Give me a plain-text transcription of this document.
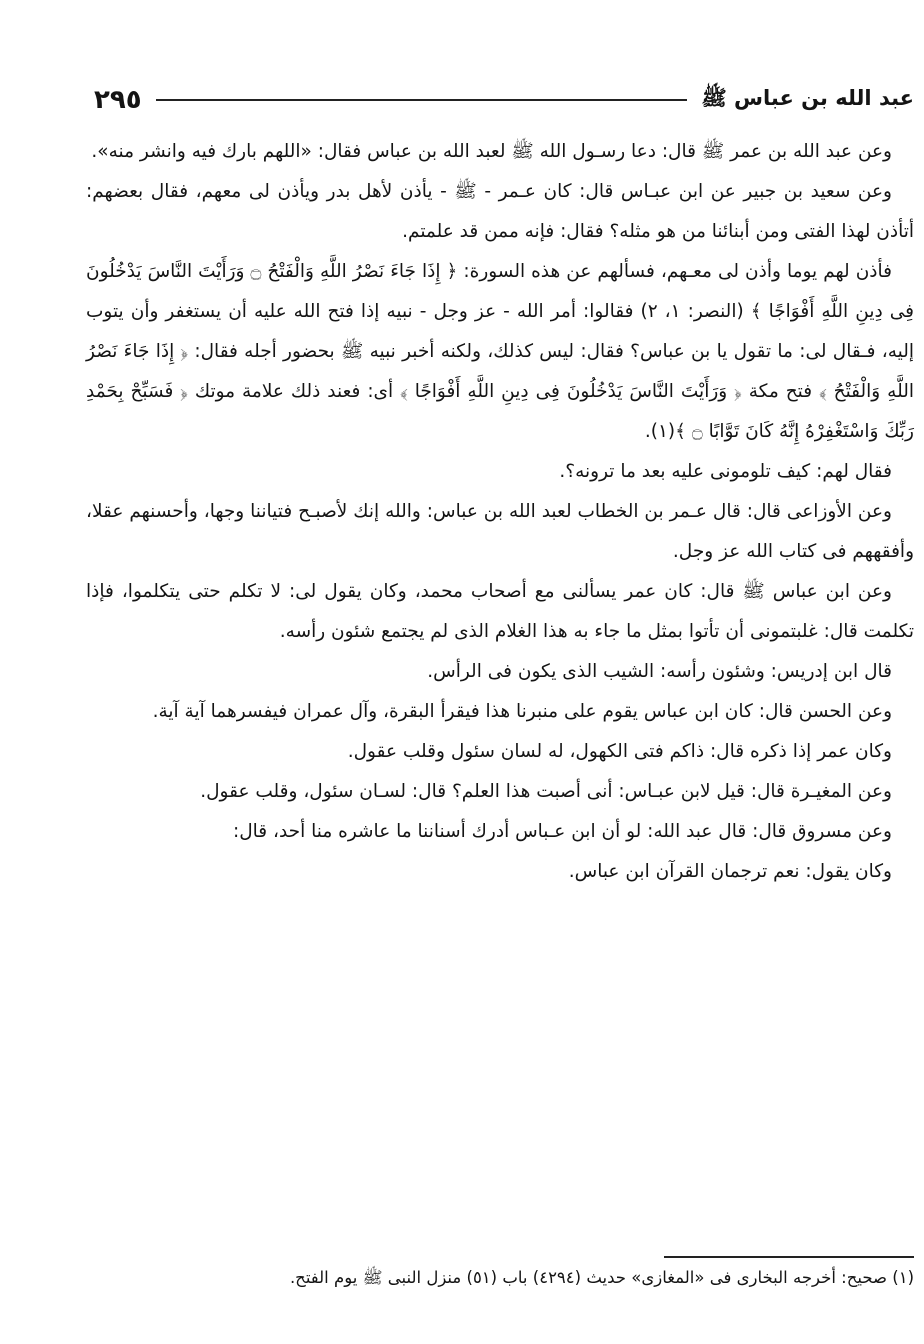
عبد الله بن عباس ﷺ
٢٩٥

وعن عبد الله بن عمر ﷺ قال: دعا رسـول الله ﷺ لعبد الله بن عباس فقال: «اللهم بارك فيه وانشر منه».

وعن سعيد بن جبير عن ابن عبـاس قال: كان عـمر - ﷺ - يأذن لأهل بدر ويأذن لى معهم، فقال بعضهم: أتأذن لهذا الفتى ومن أبنائنا من هو مثله؟ فقال: فإنه ممن قد علمتم.

فأذن لهم يوما وأذن لى معـهم، فسألهم عن هذه السورة: ﴿ إِذَا جَاءَ نَصْرُ اللَّهِ وَالْفَتْحُ ۝ وَرَأَيْتَ النَّاسَ يَدْخُلُونَ فِى دِينِ اللَّهِ أَفْوَاجًا ﴾ (النصر: ١، ٢) فقالوا: أمر الله - عز وجل - نبيه إذا فتح الله عليه أن يستغفر وأن يتوب إليه، فـقال لى: ما تقول يا بن عباس؟ فقال: ليس كذلك، ولكنه أخبر نبيه ﷺ بحضور أجله فقال: ﴿ إِذَا جَاءَ نَصْرُ اللَّهِ وَالْفَتْحُ ﴾ فتح مكة ﴿ وَرَأَيْتَ النَّاسَ يَدْخُلُونَ فِى دِينِ اللَّهِ أَفْوَاجًا ﴾ أى: فعند ذلك علامة موتك ﴿ فَسَبِّحْ بِحَمْدِ رَبِّكَ وَاسْتَغْفِرْهُ إِنَّهُ كَانَ تَوَّابًا ۝ ﴾(١).

فقال لهم: كيف تلومونى عليه بعد ما ترونه؟.

وعن الأوزاعى قال: قال عـمر بن الخطاب لعبد الله بن عباس: والله إنك لأصبـح فتياننا وجها، وأحسنهم عقلا، وأفقههم فى كتاب الله عز وجل.

وعن ابن عباس ﷺ قال: كان عمر يسألنى مع أصحاب محمد، وكان يقول لى: لا تكلم حتى يتكلموا، فإذا تكلمت قال: غلبتمونى أن تأتوا بمثل ما جاء به هذا الغلام الذى لم يجتمع شئون رأسه.

قال ابن إدريس: وشئون رأسه: الشيب الذى يكون فى الرأس.

وعن الحسن قال: كان ابن عباس يقوم على منبرنا هذا فيقرأ البقرة، وآل عمران فيفسرهما آية آية.

وكان عمر إذا ذكره قال: ذاكم فتى الكهول، له لسان سئول وقلب عقول.

وعن المغيـرة قال: قيل لابن عبـاس: أنى أصبت هذا العلم؟ قال: لسـان سئول، وقلب عقول.

وعن مسروق قال: قال عبد الله: لو أن ابن عـباس أدرك أسناننا ما عاشره منا أحد، قال:

وكان يقول: نعم ترجمان القرآن ابن عباس.

(١) صحيح: أخرجه البخارى فى «المغازى» حديث (٤٢٩٤) باب (٥١) منزل النبى ﷺ يوم الفتح.
